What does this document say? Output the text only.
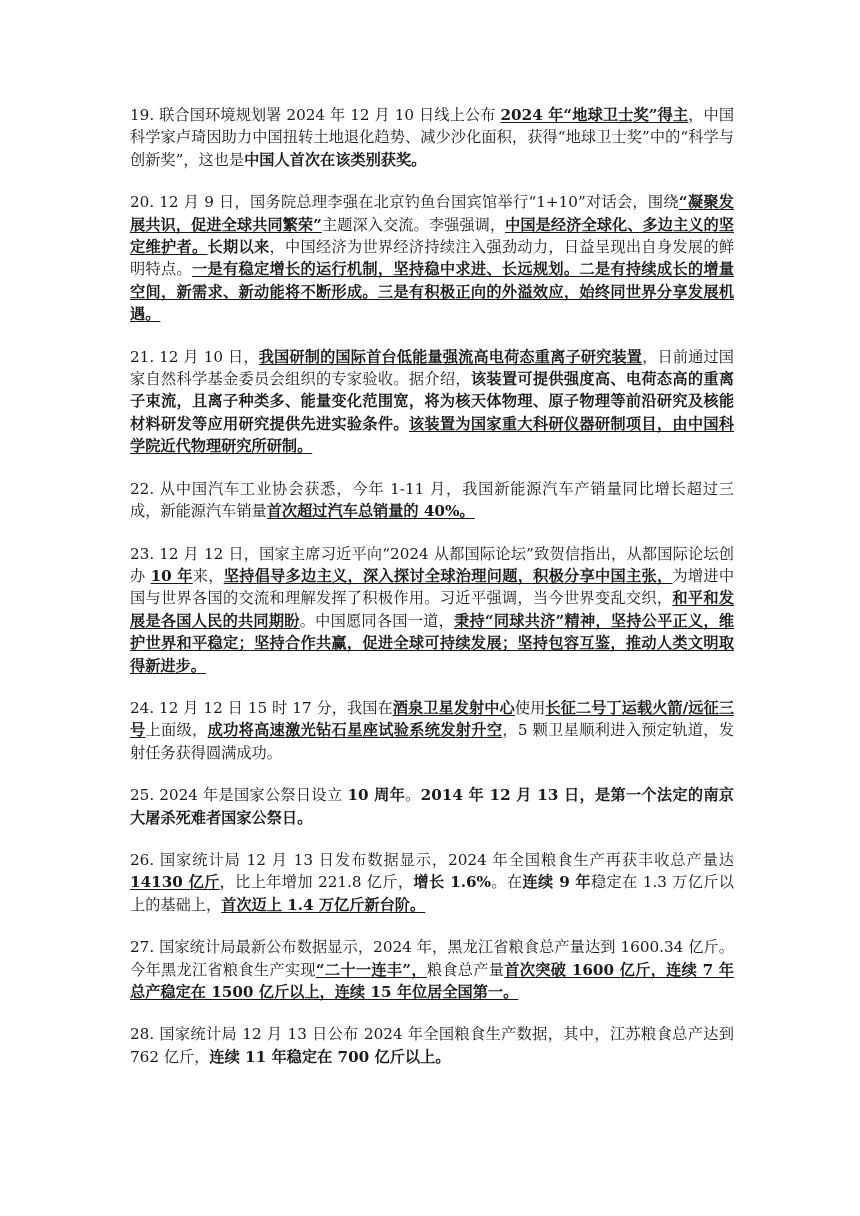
19. 联合国环境规划署 2024 年 12 月 10 日线上公布 2024 年“地球卫士奖”得主，中国科学家卢琦因助力中国扭转土地退化趋势、减少沙化面积，获得“地球卫士奖”中的“科学与创新奖”，这也是中国人首次在该类别获奖。

20. 12 月 9 日，国务院总理李强在北京钓鱼台国宾馆举行“1+10”对话会，围绕“凝聚发展共识，促进全球共同繁荣”主题深入交流。李强强调，中国是经济全球化、多边主义的坚定维护者。长期以来，中国经济为世界经济持续注入强劲动力，日益呈现出自身发展的鲜明特点。一是有稳定增长的运行机制，坚持稳中求进、长远规划。二是有持续成长的增量空间，新需求、新动能将不断形成。三是有积极正向的外溢效应，始终同世界分享发展机遇。

21. 12 月 10 日，我国研制的国际首台低能量强流高电荷态重离子研究装置，日前通过国家自然科学基金委员会组织的专家验收。据介绍，该装置可提供强度高、电荷态高的重离子束流，且离子种类多、能量变化范围宽，将为核天体物理、原子物理等前沿研究及核能材料研发等应用研究提供先进实验条件。该装置为国家重大科研仪器研制项目，由中国科学院近代物理研究所研制。

22. 从中国汽车工业协会获悉，今年 1-11 月，我国新能源汽车产销量同比增长超过三成，新能源汽车销量首次超过汽车总销量的 40%。

23. 12 月 12 日，国家主席习近平向“2024 从都国际论坛”致贺信指出，从都国际论坛创办 10 年来，坚持倡导多边主义，深入探讨全球治理问题，积极分享中国主张，为增进中国与世界各国的交流和理解发挥了积极作用。习近平强调，当今世界变乱交织，和平和发展是各国人民的共同期盼。中国愿同各国一道，秉持“同球共济”精神，坚持公平正义，维护世界和平稳定；坚持合作共赢，促进全球可持续发展；坚持包容互鉴，推动人类文明取得新进步。

24. 12 月 12 日 15 时 17 分，我国在酒泉卫星发射中心使用长征二号丁运载火箭/远征三号上面级，成功将高速激光钻石星座试验系统发射升空，5 颗卫星顺利进入预定轨道，发射任务获得圆满成功。

25. 2024 年是国家公祭日设立 10 周年。2014 年 12 月 13 日，是第一个法定的南京大屠杀死难者国家公祭日。

26. 国家统计局 12 月 13 日发布数据显示，2024 年全国粮食生产再获丰收总产量达 14130 亿斤，比上年增加 221.8 亿斤，增长 1.6%。在连续 9 年稳定在 1.3 万亿斤以上的基础上，首次迈上 1.4 万亿斤新台阶。

27. 国家统计局最新公布数据显示，2024 年，黑龙江省粮食总产量达到 1600.34 亿斤。今年黑龙江省粮食生产实现“二十一连丰”，粮食总产量首次突破 1600 亿斤，连续 7 年总产稳定在 1500 亿斤以上，连续 15 年位居全国第一。

28. 国家统计局 12 月 13 日公布 2024 年全国粮食生产数据，其中，江苏粮食总产达到 762 亿斤，连续 11 年稳定在 700 亿斤以上。
